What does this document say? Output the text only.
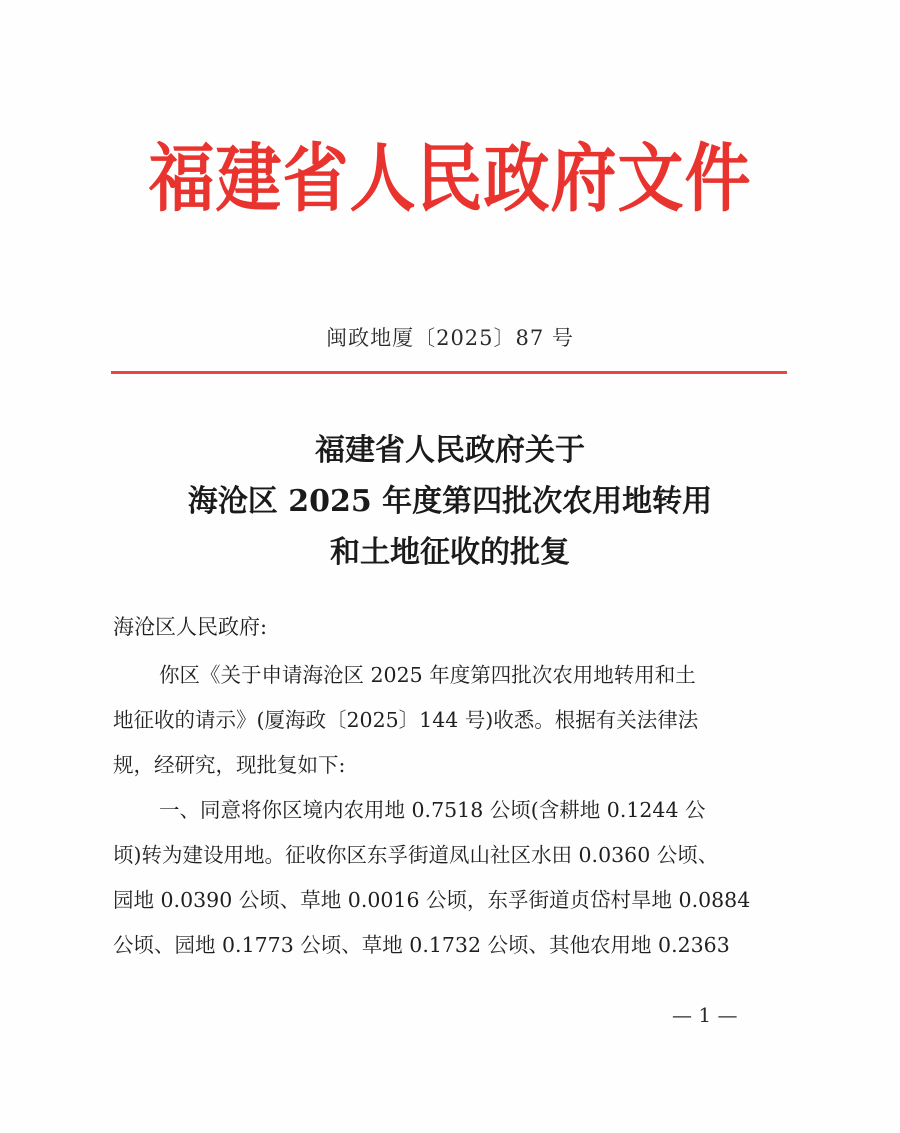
福建省人民政府文件
闽政地厦〔2025〕87 号
福建省人民政府关于
海沧区 2025 年度第四批次农用地转用
和土地征收的批复
海沧区人民政府:
你区《关于申请海沧区 2025 年度第四批次农用地转用和土
地征收的请示》(厦海政〔2025〕144 号)收悉。根据有关法律法
规，经研究，现批复如下:
一、同意将你区境内农用地 0.7518 公顷(含耕地 0.1244 公
顷)转为建设用地。征收你区东孚街道凤山社区水田 0.0360 公顷、
园地 0.0390 公顷、草地 0.0016 公顷，东孚街道贞岱村旱地 0.0884
公顷、园地 0.1773 公顷、草地 0.1732 公顷、其他农用地 0.2363
— 1 —
